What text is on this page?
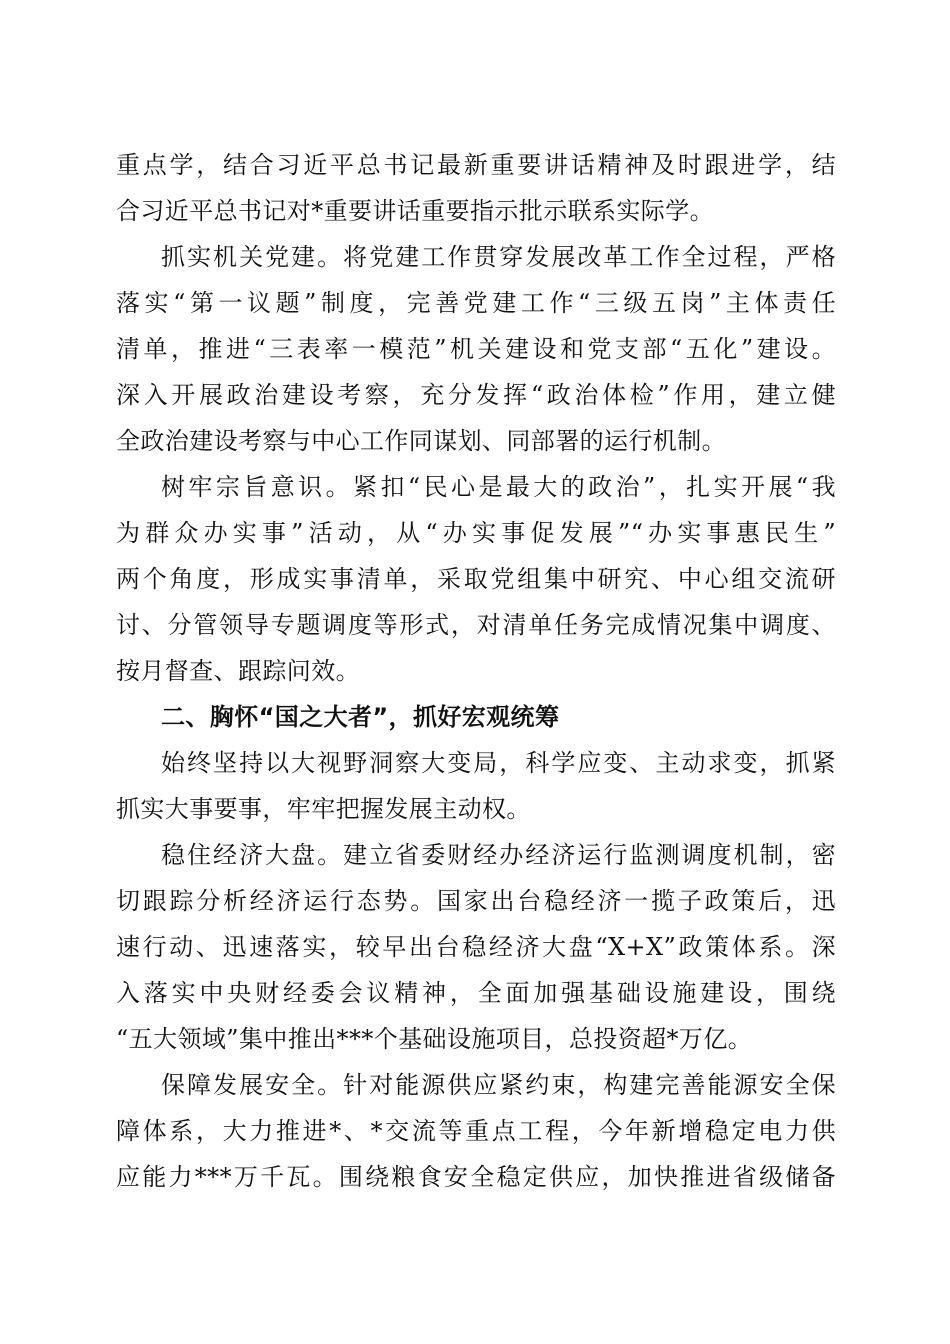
重点学，结合习近平总书记最新重要讲话精神及时跟进学，结
合习近平总书记对*重要讲话重要指示批示联系实际学。
抓实机关党建。将党建工作贯穿发展改革工作全过程，严格
落实“第一议题”制度，完善党建工作“三级五岗”主体责任
清单，推进“三表率一模范”机关建设和党支部“五化”建设。
深入开展政治建设考察，充分发挥“政治体检”作用，建立健
全政治建设考察与中心工作同谋划、同部署的运行机制。
树牢宗旨意识。紧扣“民心是最大的政治”，扎实开展“我
为群众办实事”活动，从“办实事促发展”“办实事惠民生”
两个角度，形成实事清单，采取党组集中研究、中心组交流研
讨、分管领导专题调度等形式，对清单任务完成情况集中调度、
按月督查、跟踪问效。
二、胸怀“国之大者”，抓好宏观统筹
始终坚持以大视野洞察大变局，科学应变、主动求变，抓紧
抓实大事要事，牢牢把握发展主动权。
稳住经济大盘。建立省委财经办经济运行监测调度机制，密
切跟踪分析经济运行态势。国家出台稳经济一揽子政策后，迅
速行动、迅速落实，较早出台稳经济大盘“X+X”政策体系。深
入落实中央财经委会议精神，全面加强基础设施建设，围绕
“五大领域”集中推出***个基础设施项目，总投资超*万亿。
保障发展安全。针对能源供应紧约束，构建完善能源安全保
障体系，大力推进*、*交流等重点工程，今年新增稳定电力供
应能力***万千瓦。围绕粮食安全稳定供应，加快推进省级储备
